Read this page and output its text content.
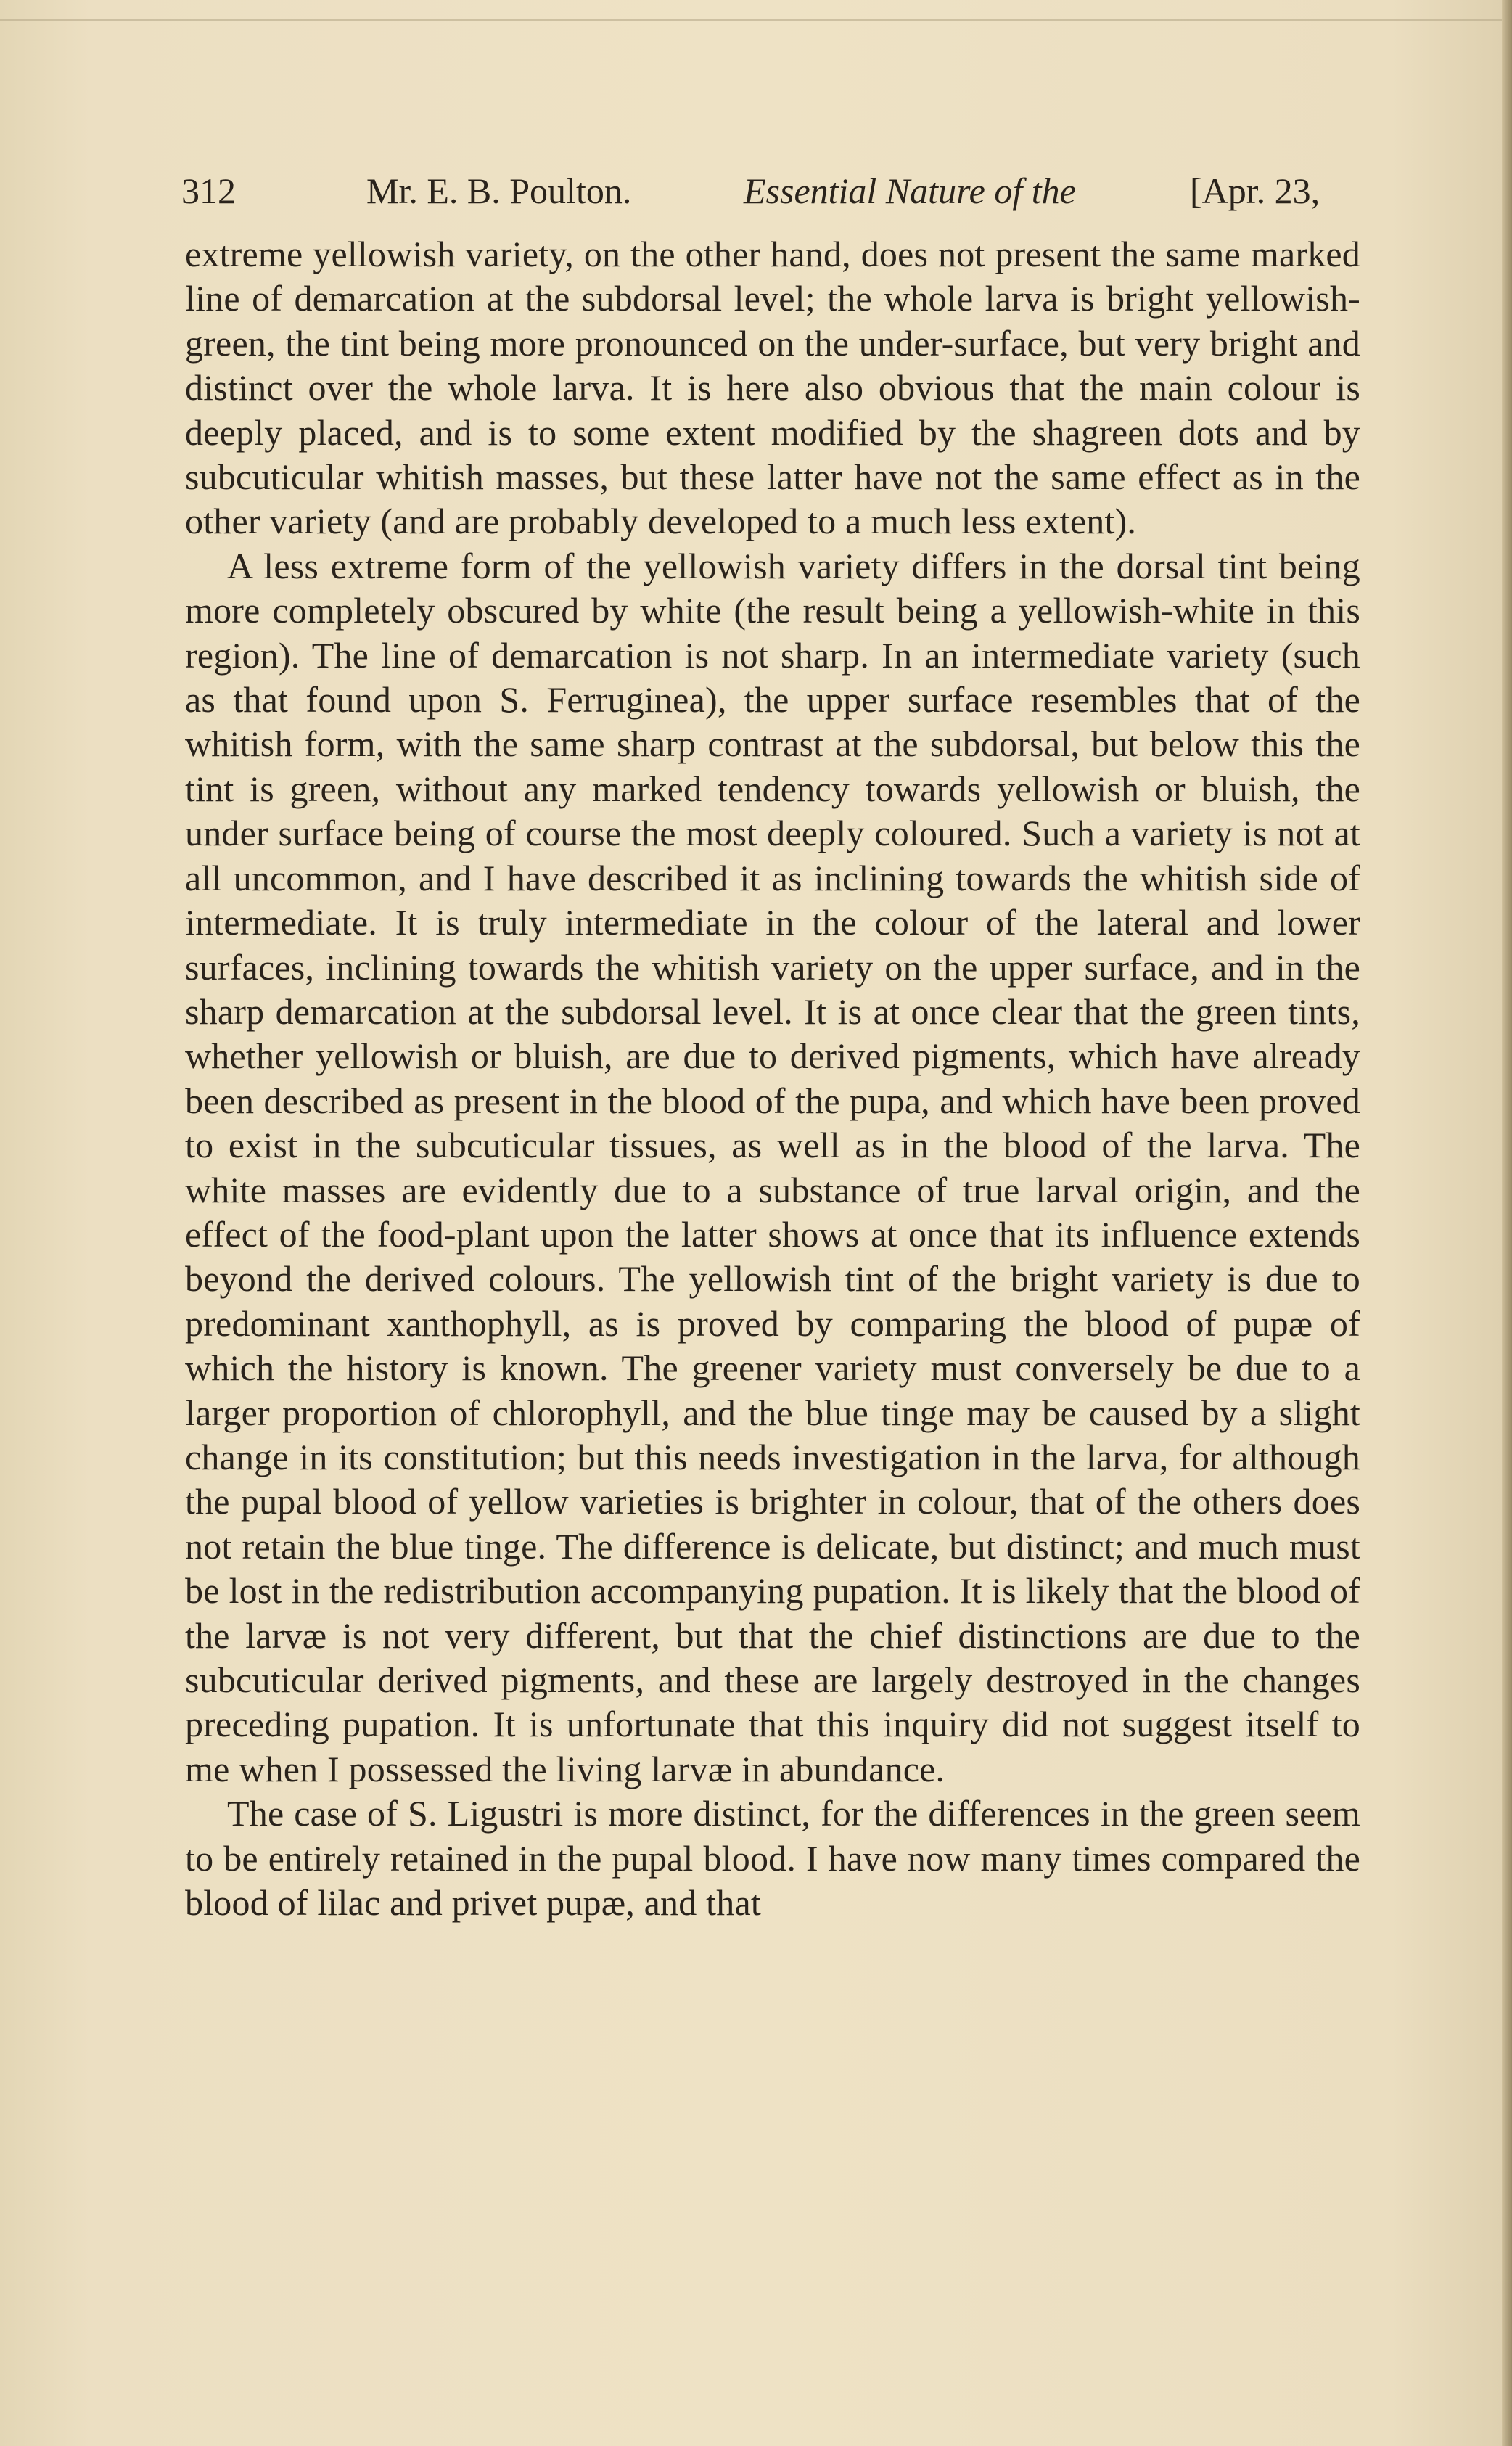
312	Mr. E. B. Poulton.	Essential Nature of the	[Apr. 23,

extreme yellowish variety, on the other hand, does not present the same marked line of demarcation at the subdorsal level; the whole larva is bright yellowish-green, the tint being more pronounced on the under-surface, but very bright and distinct over the whole larva. It is here also obvious that the main colour is deeply placed, and is to some extent modified by the shagreen dots and by subcuticular whitish masses, but these latter have not the same effect as in the other variety (and are probably developed to a much less extent).

A less extreme form of the yellowish variety differs in the dorsal tint being more completely obscured by white (the result being a yellowish-white in this region). The line of demarcation is not sharp. In an intermediate variety (such as that found upon S. Ferruginea), the upper surface resembles that of the whitish form, with the same sharp contrast at the subdorsal, but below this the tint is green, without any marked tendency towards yellowish or bluish, the under surface being of course the most deeply coloured. Such a variety is not at all uncommon, and I have described it as inclining towards the whitish side of intermediate. It is truly intermediate in the colour of the lateral and lower surfaces, inclining towards the whitish variety on the upper surface, and in the sharp demarcation at the subdorsal level. It is at once clear that the green tints, whether yellowish or bluish, are due to derived pigments, which have already been described as present in the blood of the pupa, and which have been proved to exist in the subcuticular tissues, as well as in the blood of the larva. The white masses are evidently due to a substance of true larval origin, and the effect of the food-plant upon the latter shows at once that its influence extends beyond the derived colours. The yellowish tint of the bright variety is due to predominant xanthophyll, as is proved by comparing the blood of pupæ of which the history is known. The greener variety must conversely be due to a larger proportion of chlorophyll, and the blue tinge may be caused by a slight change in its constitution; but this needs investigation in the larva, for although the pupal blood of yellow varieties is brighter in colour, that of the others does not retain the blue tinge. The difference is delicate, but distinct; and much must be lost in the redistribution accompanying pupation. It is likely that the blood of the larvæ is not very different, but that the chief distinctions are due to the subcuticular derived pigments, and these are largely destroyed in the changes preceding pupation. It is unfortunate that this inquiry did not suggest itself to me when I possessed the living larvæ in abundance.

The case of S. Ligustri is more distinct, for the differences in the green seem to be entirely retained in the pupal blood. I have now many times compared the blood of lilac and privet pupæ, and that
